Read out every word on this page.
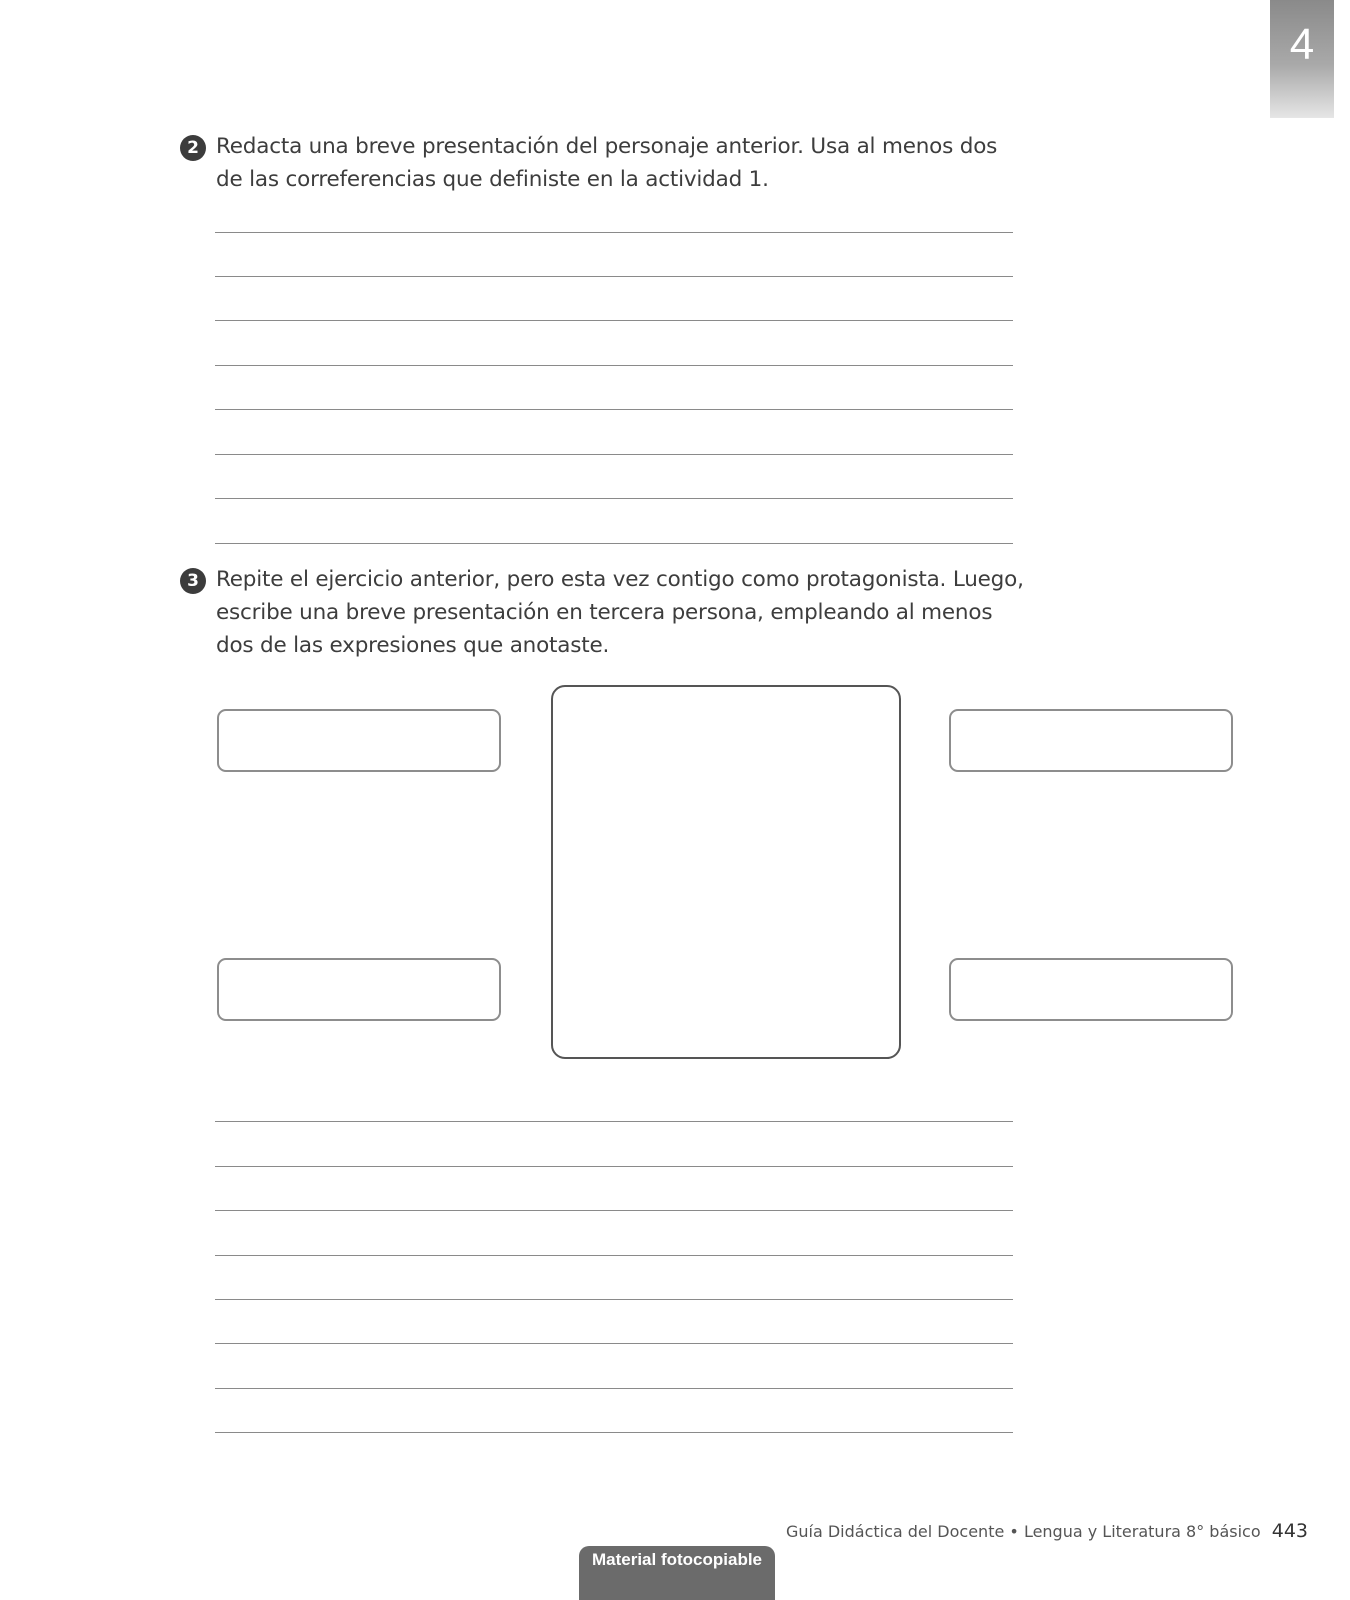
4
2 Redacta una breve presentación del personaje anterior. Usa al menos dos de las correferencias que definiste en la actividad 1.
3 Repite el ejercicio anterior, pero esta vez contigo como protagonista. Luego, escribe una breve presentación en tercera persona, empleando al menos dos de las expresiones que anotaste.
Guía Didáctica del Docente • Lengua y Literatura 8° básico 443
Material fotocopiable
